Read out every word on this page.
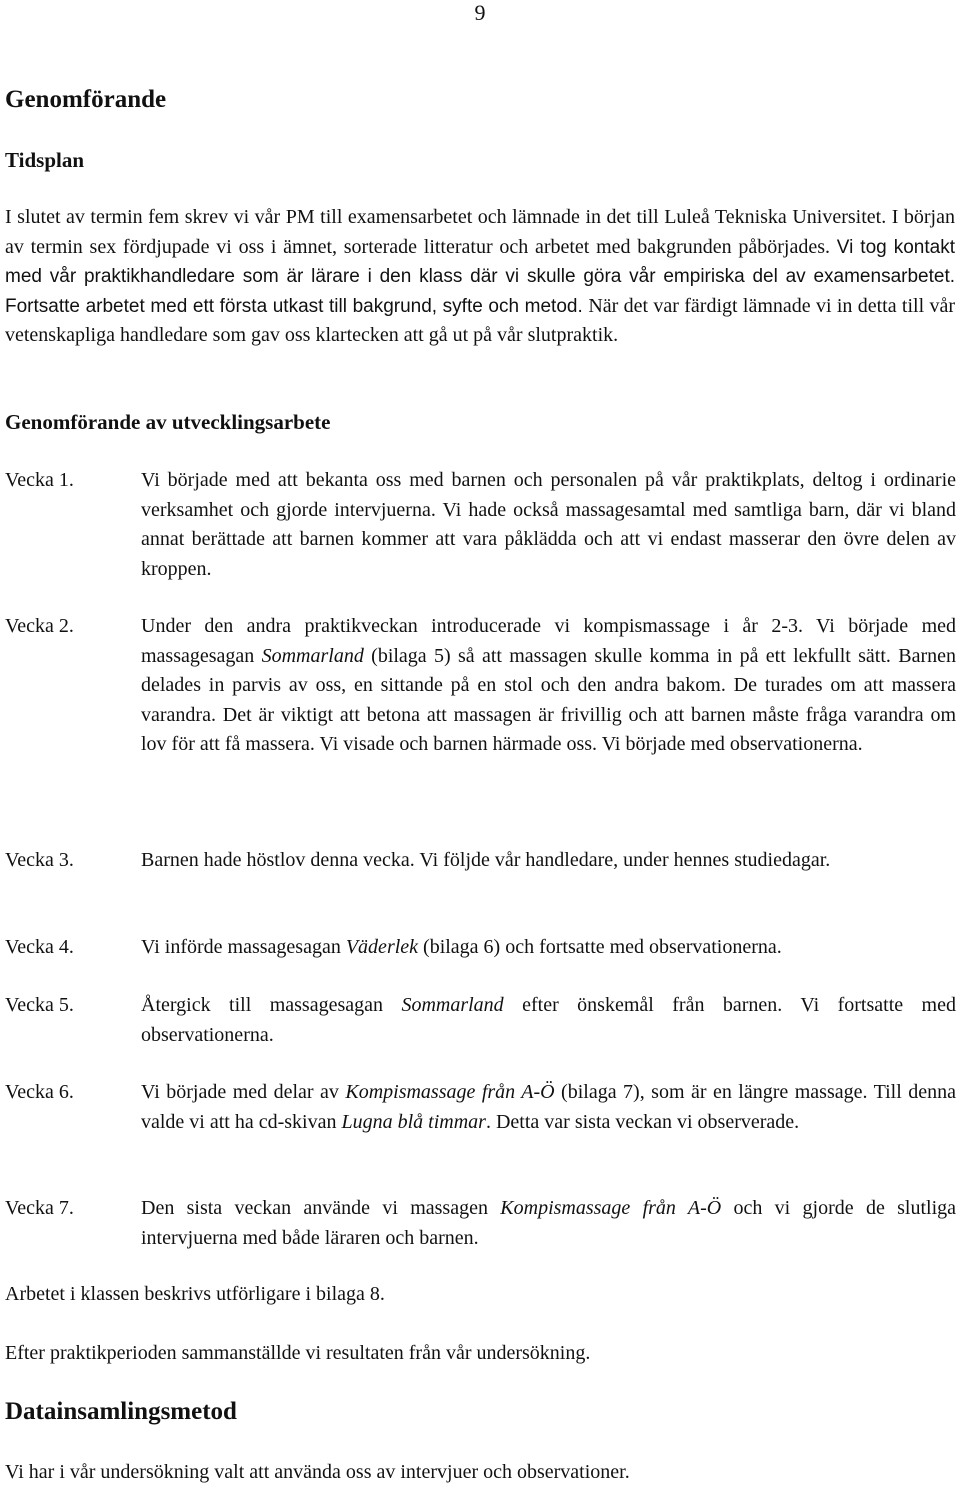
9
Genomförande
Tidsplan
I slutet av termin fem skrev vi vår PM till examensarbetet och lämnade in det till Luleå Tekniska Universitet. I början av termin sex fördjupade vi oss i ämnet, sorterade litteratur och arbetet med bakgrunden påbörjades. Vi tog kontakt med vår praktikhandledare som är lärare i den klass där vi skulle göra vår empiriska del av examensarbetet. Fortsatte arbetet med ett första utkast till bakgrund, syfte och metod. När det var färdigt lämnade vi in detta till vår vetenskapliga handledare som gav oss klartecken att gå ut på vår slutpraktik.
Genomförande av utvecklingsarbete
Vecka 1.	Vi började med att bekanta oss med barnen och personalen på vår praktikplats, deltog i ordinarie verksamhet och gjorde intervjuerna. Vi hade också massagesamtal med samtliga barn, där vi bland annat berättade att barnen kommer att vara påklädda och att vi endast masserar den övre delen av kroppen.
Vecka 2.	Under den andra praktikveckan introducerade vi kompismassage i år 2-3. Vi började med massagesagan Sommarland (bilaga 5) så att massagen skulle komma in på ett lekfullt sätt. Barnen delades in parvis av oss, en sittande på en stol och den andra bakom. De turades om att massera varandra. Det är viktigt att betona att massagen är frivillig och att barnen måste fråga varandra om lov för att få massera. Vi visade och barnen härmade oss. Vi började med observationerna.
Vecka 3.	Barnen hade höstlov denna vecka. Vi följde vår handledare, under hennes studiedagar.
Vecka 4.	Vi införde massagesagan Väderlek (bilaga 6) och fortsatte med observationerna.
Vecka 5.	Återgick till massagesagan Sommarland efter önskemål från barnen. Vi fortsatte med observationerna.
Vecka 6.	Vi började med delar av Kompismassage från A-Ö (bilaga 7), som är en längre massage. Till denna valde vi att ha cd-skivan Lugna blå timmar. Detta var sista veckan vi observerade.
Vecka 7.	Den sista veckan använde vi massagen Kompismassage från A-Ö och vi gjorde de slutliga intervjuerna med både läraren och barnen.
Arbetet i klassen beskrivs utförligare i bilaga 8.
Efter praktikperioden sammanställde vi resultaten från vår undersökning.
Datainsamlingsmetod
Vi har i vår undersökning valt att använda oss av intervjuer och observationer.
